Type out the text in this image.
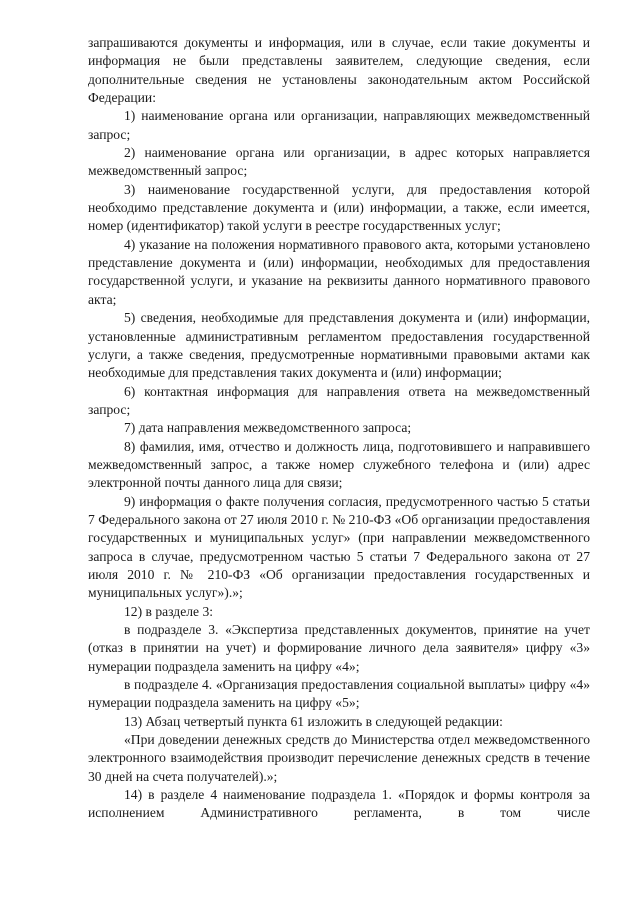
запрашиваются документы и информация, или в случае, если такие документы и информация не были представлены заявителем, следующие сведения, если дополнительные сведения не установлены законодательным актом Российской Федерации:

1) наименование органа или организации, направляющих межведомственный запрос;

2) наименование органа или организации, в адрес которых направляется межведомственный запрос;

3) наименование государственной услуги, для предоставления которой необходимо представление документа и (или) информации, а также, если имеется, номер (идентификатор) такой услуги в реестре государственных услуг;

4) указание на положения нормативного правового акта, которыми установлено представление документа и (или) информации, необходимых для предоставления государственной услуги, и указание на реквизиты данного нормативного правового акта;

5) сведения, необходимые для представления документа и (или) информации, установленные административным регламентом предоставления государственной услуги, а также сведения, предусмотренные нормативными правовыми актами как необходимые для представления таких документа и (или) информации;

6) контактная информация для направления ответа на межведомственный запрос;

7) дата направления межведомственного запроса;

8) фамилия, имя, отчество и должность лица, подготовившего и направившего межведомственный запрос, а также номер служебного телефона и (или) адрес электронной почты данного лица для связи;

9) информация о факте получения согласия, предусмотренного частью 5 статьи 7 Федерального закона от 27 июля 2010 г. № 210-ФЗ «Об организации предоставления государственных и муниципальных услуг» (при направлении межведомственного запроса в случае, предусмотренном частью 5 статьи 7 Федерального закона от 27 июля 2010 г. № 210-ФЗ «Об организации предоставления государственных и муниципальных услуг»).»;

12) в разделе 3:

в подразделе 3. «Экспертиза представленных документов, принятие на учет (отказ в принятии на учет) и формирование личного дела заявителя» цифру «3» нумерации подраздела заменить на цифру «4»;

в подразделе 4. «Организация предоставления социальной выплаты» цифру «4» нумерации подраздела заменить на цифру «5»;

13) Абзац четвертый пункта 61 изложить в следующей редакции:

«При доведении денежных средств до Министерства отдел межведомственного электронного взаимодействия производит перечисление денежных средств в течение 30 дней на счета получателей).»;

14) в разделе 4 наименование подраздела 1. «Порядок и формы контроля за исполнением Административного регламента, в том числе
